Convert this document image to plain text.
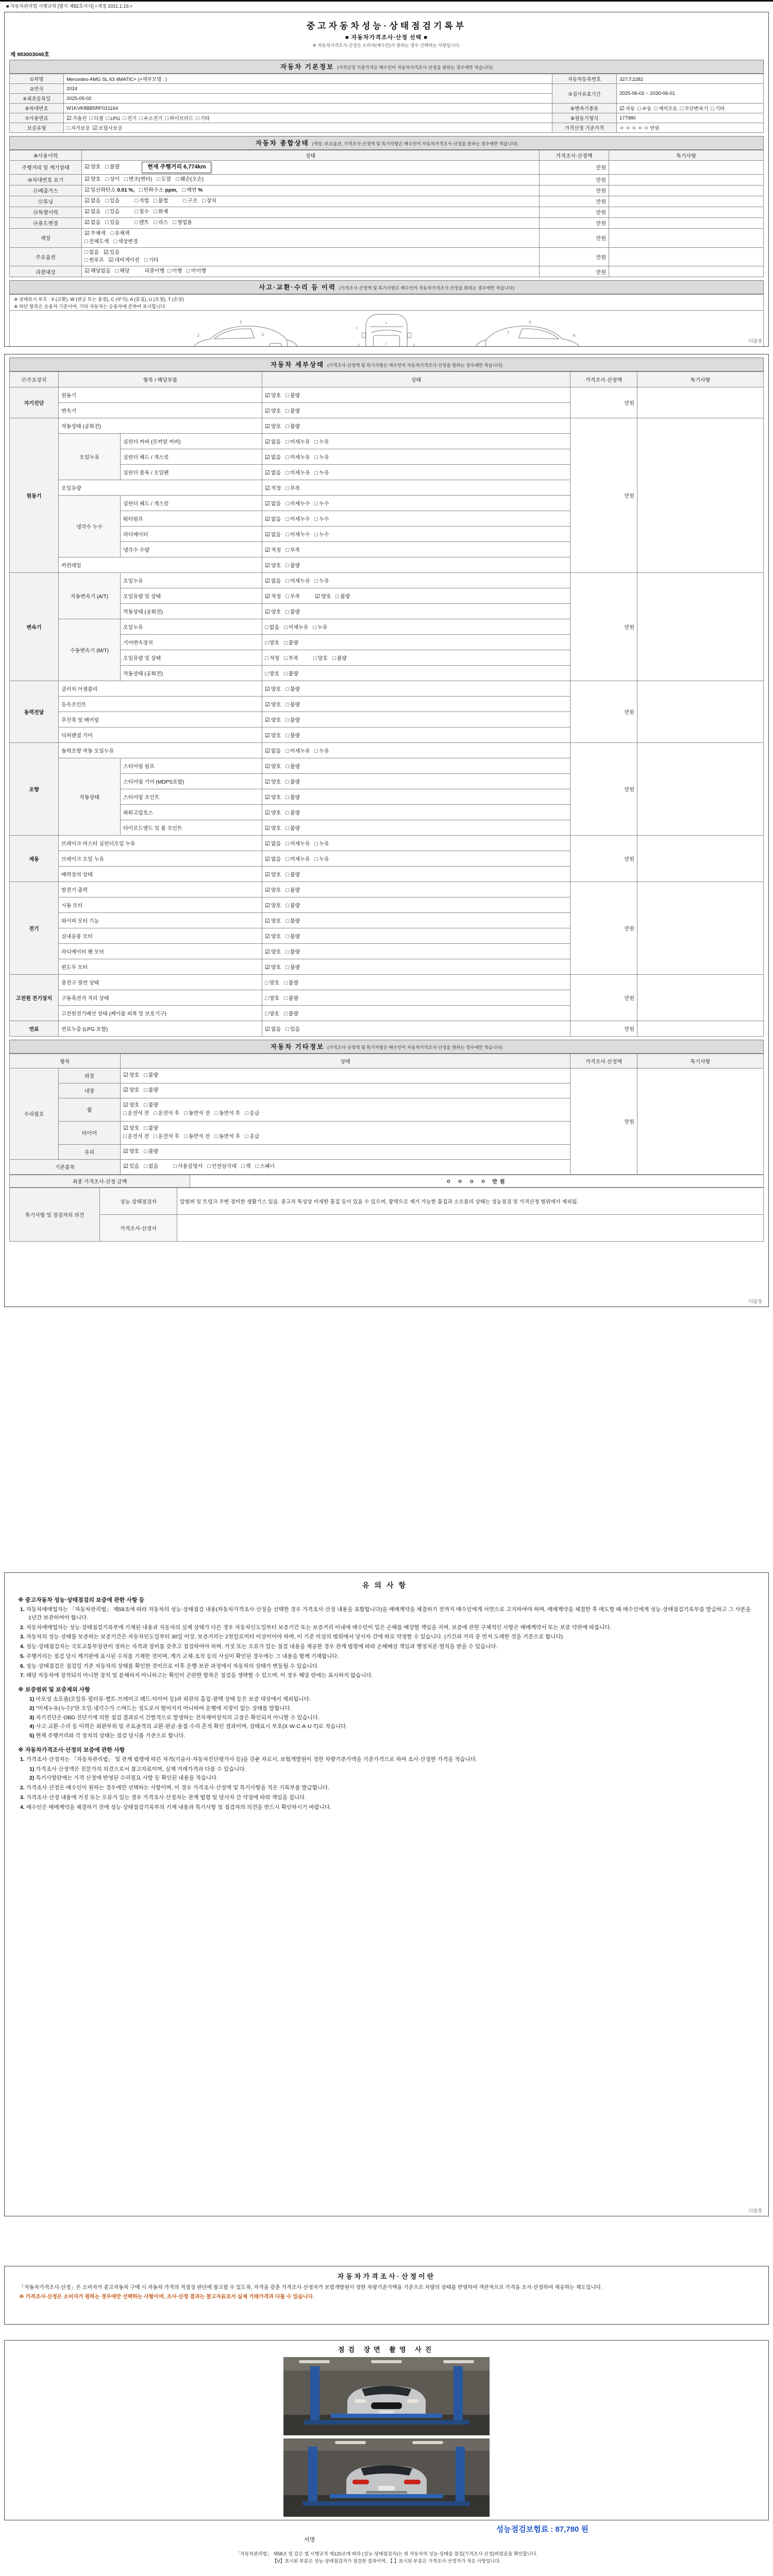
■ 자동차관리법 시행규칙 [별지 제82호서식] <개정 2021.1.19.>
중고자동차성능·상태점검기록부
■ 자동차가격조사·산정 선택 ■
※ 자동차가격조사·산정은 소비자(매수인)가 원하는 경우 선택하는 사항입니다.
제 983003046호
자동차 기본정보 (가격산정 기준가격은 매수인이 자동차가격조사·산정을 원하는 경우에만 적습니다)
①차명	Mercedes-AMG SL 63 4MATIC+ (+세부모델 : )	자동차등록번호	327조2282
②연식	2024	③검사유효기간	2025-06-02 ~ 2030-06-01
④최초등록일	2025-05-02		
⑤차대번호	W1KVK8BB5RF021164	⑥변속기종류	☑ 자동 □ 수동 □ 세미오토 □ 무단변속기 □ 기타
⑦사용연료	☑ 가솔린 □ 디젤 □ LPG □ 전기 □ 수소전기 □ 하이브리드 □ 기타	⑧원동기형식	177980
보증유형	□ 자가보증 ☑ 보험사보증	가격산정 기준가격	ㅇ ㅇ ㅇ ㅇ ㅇ 만원
자동차 종합상태 (색상, 주요옵션, 가격조사·산정액 및 특기사항은 매수인이 자동차가격조사·산정을 원하는 경우에만 적습니다)
⑨사용이력	상태	가격조사·산정액	특기사항
주행거리 및 계기상태	☑ 양호 □ 불량 현재 주행거리 6,774km	만원	
⑩차대번호 표기	☑ 양호 □ 상이 □ 변조(변타) □ 도말 □ 훼손(오손)	만원	
⑪배출가스	☑ 일산화탄소 0.01 %, □ 탄화수소 ppm, □ 매연 %	만원	
⑫튜닝	☑ 없음 □ 있음 □ 적법 □ 불법 □ 구조 □ 장치	만원	
⑬특별이력	☑ 없음 □ 있음 □ 침수 □ 화재	만원	
⑭용도변경	☑ 없음 □ 있음 □ 렌트 □ 리스 □ 영업용	만원	
색상	☑ 무채색 □ 유채색
□ 전체도색 □ 색상변경	만원	
주요옵션	□ 없음 ☑ 있음
□ 썬루프 ☑ 네비게이션 □ 기타	만원	
리콜대상	☑ 해당없음 □ 해당 리콜이행 □ 이행 □ 미이행	만원	
사고·교환·수리 등 이력 (가격조사·산정액 및 특기사항은 매수인이 자동차가격조사·산정을 원하는 경우에만 적습니다)
※ 상태표시 부호 : X (교환), W (판금 또는 용접), C (부식), A (흠집), U (요철), T (손상)
※ 하단 항목은 승용차 기준이며, 기타 자동차는 승용차에 준하여 표시합니다.
1
2	3
1
7
3	3
2
4
6
7

다음장
자동차 세부상태 (가격조사·산정액 및 특기사항은 매수인이 자동차가격조사·산정을 원하는 경우에만 적습니다)
⑰주요장치	항목 / 해당부품		상태	가격조사·산정액	특기사항
자기진단	원동기		☑ 양호 □ 불량	만원	
	변속기		☑ 양호 □ 불량		
원동기	작동상태 (공회전)		☑ 양호 □ 불량	만원	
	오일누유	실린더 커버 (로커암 커버)	☑ 없음 □ 미세누유 □ 누유		
		실린더 헤드 / 개스킷	☑ 없음 □ 미세누유 □ 누유		
		실린더 블록 / 오일팬	☑ 없음 □ 미세누유 □ 누유		
	오일유량		☑ 적정 □ 부족		
	냉각수 누수	실린더 헤드 / 개스킷	☑ 없음 □ 미세누수 □ 누수		
		워터펌프	☑ 없음 □ 미세누수 □ 누수		
		라디에이터	☑ 없음 □ 미세누수 □ 누수		
		냉각수 수량	☑ 적정 □ 부족		
	커먼레일		☑ 양호 □ 불량		
변속기	자동변속기 (A/T)	오일누유	☑ 없음 □ 미세누유 □ 누유	만원	
		오일유량 및 상태	☑ 적정 □ 부족 ☑ 양호 □ 불량		
		작동상태 (공회전)	☑ 양호 □ 불량		
	수동변속기 (M/T)	오일누유	□ 없음 □ 미세누유 □ 누유		
		기어변속장치	□ 양호 □ 불량		
		오일유량 및 상태	□ 적정 □ 부족 □ 양호 □ 불량		
		작동상태 (공회전)	□ 양호 □ 불량		
동력전달	클러치 어셈블리		☑ 양호 □ 불량	만원	
	등속조인트		☑ 양호 □ 불량		
	추진축 및 베어링		☑ 양호 □ 불량		
	디퍼렌셜 기어		☑ 양호 □ 불량		
조향	동력조향 작동 오일누유		☑ 없음 □ 미세누유 □ 누유	만원	
	작동상태	스티어링 펌프	☑ 양호 □ 불량		
		스티어링 기어 (MDPS포함)	☑ 양호 □ 불량		
		스티어링 조인트	☑ 양호 □ 불량		
		파워고압호스	☑ 양호 □ 불량		
		타이로드엔드 및 볼 조인트	☑ 양호 □ 불량		
제동	브레이크 마스터 실린더오일 누유		☑ 없음 □ 미세누유 □ 누유	만원	
	브레이크 오일 누유		☑ 없음 □ 미세누유 □ 누유		
	배력장치 상태		☑ 양호 □ 불량		
전기	발전기 출력		☑ 양호 □ 불량	만원	
	시동 모터		☑ 양호 □ 불량		
	와이퍼 모터 기능		☑ 양호 □ 불량		
	실내송풍 모터		☑ 양호 □ 불량		
	라디에이터 팬 모터		☑ 양호 □ 불량		
	윈도우 모터		☑ 양호 □ 불량		
고전원 전기장치	충전구 절연 상태		□ 양호 □ 불량	만원	
	구동축전지 격리 상태		□ 양호 □ 불량		
	고전원전기배선 상태 (케이블 피복 및 보호기구)		□ 양호 □ 불량		
연료	연료누출 (LPG 포함)		☑ 없음 □ 있음	만원	
자동차 기타정보 (가격조사·산정액 및 특기사항은 매수인이 자동차가격조사·산정을 원하는 경우에만 적습니다)
항목		상태	가격조사·산정액	특기사항
수리필요	외장	☑ 양호 □ 불량	만원	
	내장	☑ 양호 □ 불량		

	휠	☑ 양호 □ 불량
□ 운전석 전 □ 운전석 후 □ 동반석 전 □ 동반석 후 □ 응급		

	타이어	☑ 양호 □ 불량
□ 운전석 전 □ 운전석 후 □ 동반석 전 □ 동반석 후 □ 응급		

	유리	☑ 양호 □ 불량		

기본품목		☑ 있음 □ 없음 □ 사용설명서 □ 안전삼각대 □ 잭 □ 스패너		
최종 가격조사·산정 금액	ㅇ ㅇ ㅇ ㅇ 만원
특기사항 및 점검자의 의견	성능·상태점검자	앞범퍼 및 트렁크 주변 경미한 생활기스 있음. 중고차 특성상 미세한 흠집 등이 있을 수 있으며, 광택으로 제거 가능한 흠집과 소모품의 상태는 성능점검 및 가격산정 범위에서 제외됨.
	가격조사·산정자	
다음장
유의사항
※ 중고자동차 성능·상태점검의 보증에 관한 사항 등
1. 자동차매매업자는 「자동차관리법」 제58조에 따라 자동차의 성능·상태점검 내용(자동차가격조사·산정을 선택한 경우 가격조사·산정 내용을 포함합니다)을 매매계약을 체결하기 전까지 매수인에게 서면으로 고지하여야 하며, 매매계약을 체결한 후 매도할 때 매수인에게 성능·상태점검기록부를 발급하고 그 사본을 1년간 보관하여야 합니다.
2. 자동차매매업자는 성능·상태점검기록부에 기재된 내용과 자동차의 실제 상태가 다른 경우 자동차인도일부터 보증기간 또는 보증거리 이내에 매수인이 입은 손해를 배상할 책임을 지며, 보증에 관한 구체적인 사항은 매매계약서 또는 보증 약관에 따릅니다.
3. 자동차의 성능·상태를 보증하는 보증기간은 자동차인도일부터 30일 이상, 보증거리는 2천킬로미터 이상이어야 하며, 이 기준 이상의 범위에서 당사자 간에 따로 약정할 수 있습니다. (기간과 거리 중 먼저 도래한 것을 기준으로 합니다)
4. 성능·상태점검자는 국토교통부장관이 정하는 자격과 장비를 갖추고 점검하여야 하며, 거짓 또는 오류가 있는 점검 내용을 제공한 경우 관계 법령에 따라 손해배상 책임과 행정처분·벌칙을 받을 수 있습니다.
5. 주행거리는 점검 당시 계기판에 표시된 수치를 기재한 것이며, 계기 교체·조작 등의 사실이 확인된 경우에는 그 내용을 함께 기재합니다.
6. 성능·상태점검은 점검일 기준 자동차의 상태를 확인한 것이므로 이후 운행·보관 과정에서 자동차의 상태가 변동될 수 있습니다.
7. 해당 자동차에 장착되지 아니한 장치 및 분해하지 아니하고는 확인이 곤란한 항목은 점검을 생략할 수 있으며, 이 경우 해당 란에는 표시하지 않습니다.
※ 보증범위 및 보증제외 사항
1) 마모성 소모품(오일류·필터류·벨트·브레이크 패드·타이어 등)과 외관의 흠집·광택 상태 등은 보증 대상에서 제외됩니다.
2) "미세누유(누수)"란 오일·냉각수가 스며드는 정도로서 떨어지지 아니하여 운행에 지장이 없는 상태를 말합니다.
3) 자기진단은 OBD 진단기에 의한 점검 결과로서 간헐적으로 발생하는 전자제어장치의 고장은 확인되지 아니할 수 있습니다.
4) 사고·교환·수리 등 이력은 외판부위 및 주요골격의 교환·판금·용접·수리 흔적 확인 결과이며, 상태표시 부호(X·W·C·A·U·T)로 적습니다.
5) 현재 주행거리와 각 장치의 상태는 점검 당시를 기준으로 합니다.
※ 자동차가격조사·산정의 보증에 관한 사항
1. 가격조사·산정자는 「자동차관리법」 및 관계 법령에 따른 자격(기술사·자동차진단평가사 등)을 갖춘 자로서, 보험개발원이 정한 차량기준가액을 기준가격으로 하여 조사·산정한 가격을 적습니다.
1) 가격조사·산정액은 전문가의 의견으로서 참고자료이며, 실제 거래가격과 다를 수 있습니다.
2) 특기사항란에는 가격 산정에 반영된 수리필요 사항 등 확인된 내용을 적습니다.
2. 가격조사·산정은 매수인이 원하는 경우에만 선택하는 사항이며, 이 경우 가격조사·산정액 및 특기사항을 적은 기록부를 발급합니다.
3. 가격조사·산정 내용에 거짓 또는 오류가 있는 경우 가격조사·산정자는 관계 법령 및 당사자 간 약정에 따라 책임을 집니다.
4. 매수인은 매매계약을 체결하기 전에 성능·상태점검기록부의 기재 내용과 특기사항 및 점검자의 의견을 반드시 확인하시기 바랍니다.
다음장
자동차가격조사·산정이란
「자동차가격조사·산정」은 소비자가 중고자동차 구매 시 자동차 가격의 적정성 판단에 참고할 수 있도록, 자격을 갖춘 가격조사·산정자가 보험개발원이 정한 차량기준가액을 기준으로 차량의 상태를 반영하여 객관적으로 가격을 조사·산정하여 제공하는 제도입니다.
※ 가격조사·산정은 소비자가 원하는 경우에만 선택하는 사항이며, 조사·산정 결과는 참고자료로서 실제 거래가격과 다를 수 있습니다.
점검 장면 촬영 사진
성능점검보험료 : 87,780 원
서명
「자동차관리법」 제58조 및 같은 법 시행규칙 제120조에 따라 (성능·상태점검자)는 위 자동차의 성능·상태를 점검(가격조사·산정)하였음을 확인합니다.
【Ⅴ】표시된 부분은 성능·상태점검자가 점검한 결과이며, 【 】표시된 부분은 가격조사·산정자가 적은 사항입니다.
